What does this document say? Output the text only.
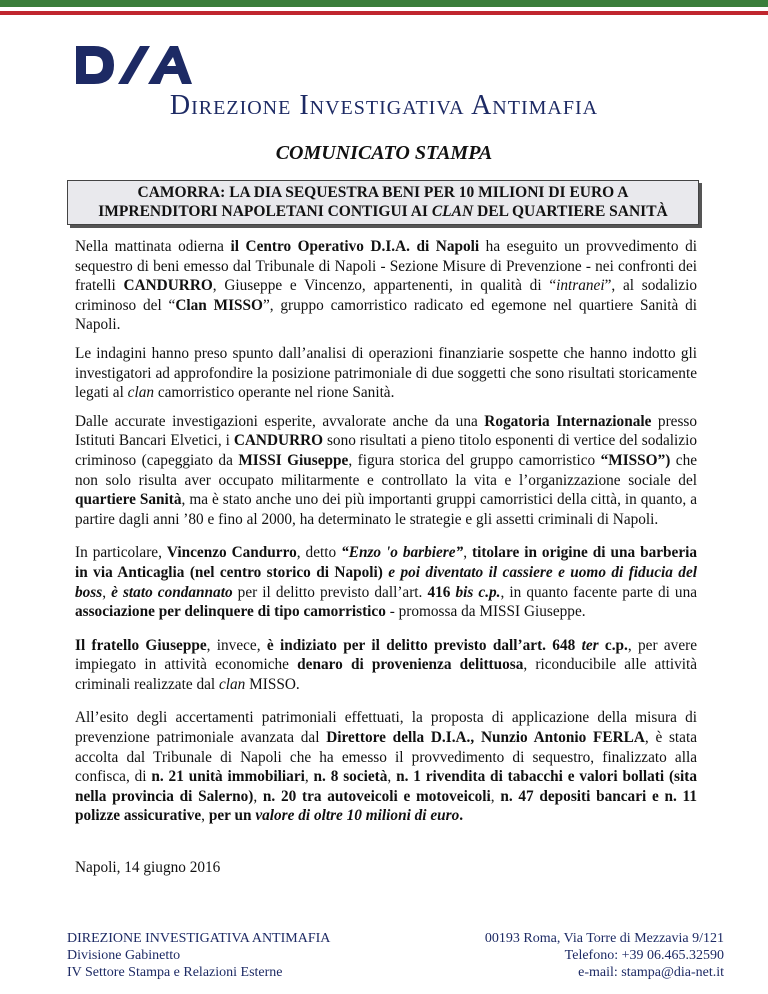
Direzione Investigativa Antimafia
COMUNICATO STAMPA
CAMORRA: LA DIA SEQUESTRA BENI PER 10 MILIONI DI EURO A
IMPRENDITORI NAPOLETANI CONTIGUI AI CLAN DEL QUARTIERE SANITÀ

Nella mattinata odierna il Centro Operativo D.I.A. di Napoli ha eseguito un provvedimento di sequestro di beni emesso dal Tribunale di Napoli - Sezione Misure di Prevenzione - nei confronti dei fratelli CANDURRO, Giuseppe e Vincenzo, appartenenti, in qualità di “intranei”, al sodalizio criminoso del “Clan MISSO”, gruppo camorristico radicato ed egemone nel quartiere Sanità di Napoli.

Le indagini hanno preso spunto dall’analisi di operazioni finanziarie sospette che hanno indotto gli investigatori ad approfondire la posizione patrimoniale di due soggetti che sono risultati storicamente legati al clan camorristico operante nel rione Sanità.

Dalle accurate investigazioni esperite, avvalorate anche da una Rogatoria Internazionale presso Istituti Bancari Elvetici, i CANDURRO sono risultati a pieno titolo esponenti di vertice del sodalizio criminoso (capeggiato da MISSI Giuseppe, figura storica del gruppo camorristico “MISSO”) che non solo risulta aver occupato militarmente e controllato la vita e l’organizzazione sociale del quartiere Sanità, ma è stato anche uno dei più importanti gruppi camorristici della città, in quanto, a partire dagli anni ’80 e fino al 2000, ha determinato le strategie e gli assetti criminali di Napoli.

In particolare, Vincenzo Candurro, detto “Enzo 'o barbiere”, titolare in origine di una barberia in via Anticaglia (nel centro storico di Napoli) e poi diventato il cassiere e uomo di fiducia del boss, è stato condannato per il delitto previsto dall’art. 416 bis c.p., in quanto facente parte di una associazione per delinquere di tipo camorristico - promossa da MISSI Giuseppe.

Il fratello Giuseppe, invece, è indiziato per il delitto previsto dall’art. 648 ter c.p., per avere impiegato in attività economiche denaro di provenienza delittuosa, riconducibile alle attività criminali realizzate dal clan MISSO.

All’esito degli accertamenti patrimoniali effettuati, la proposta di applicazione della misura di prevenzione patrimoniale avanzata dal Direttore della D.I.A., Nunzio Antonio FERLA, è stata accolta dal Tribunale di Napoli che ha emesso il provvedimento di sequestro, finalizzato alla confisca, di n. 21 unità immobiliari, n. 8 società, n. 1 rivendita di tabacchi e valori bollati (sita nella provincia di Salerno), n. 20 tra autoveicoli e motoveicoli, n. 47 depositi bancari e n. 11 polizze assicurative, per un valore di oltre 10 milioni di euro.

Napoli, 14 giugno 2016

DIREZIONE INVESTIGATIVA ANTIMAFIA
Divisione Gabinetto
IV Settore Stampa e Relazioni Esterne
00193 Roma, Via Torre di Mezzavia 9/121
Telefono: +39 06.465.32590
e-mail: stampa@dia-net.it
